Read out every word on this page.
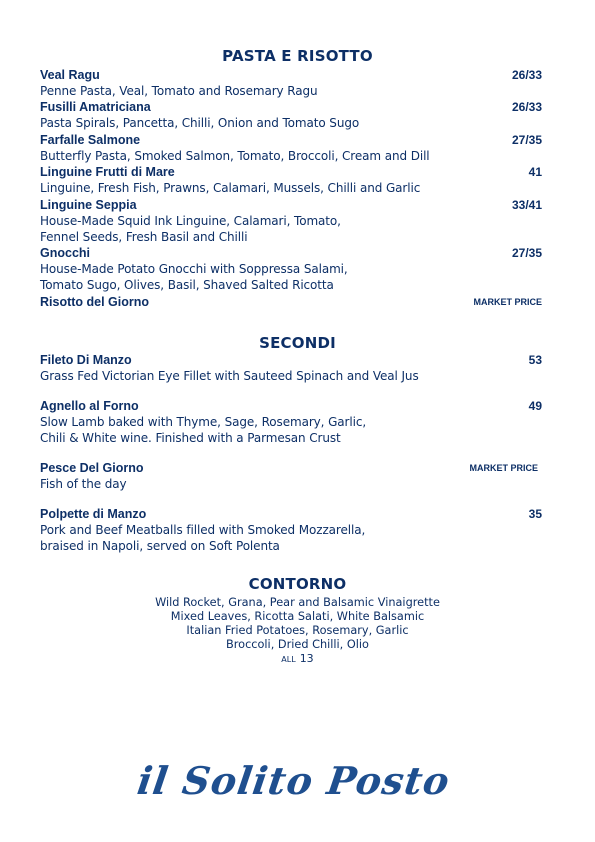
PASTA E RISOTTO
Veal Ragu	26/33
Penne Pasta, Veal, Tomato and Rosemary Ragu
Fusilli Amatriciana	26/33
Pasta Spirals, Pancetta, Chilli, Onion and Tomato Sugo
Farfalle Salmone	27/35
Butterfly Pasta, Smoked Salmon, Tomato, Broccoli, Cream and Dill
Linguine Frutti di Mare	41
Linguine, Fresh Fish, Prawns, Calamari, Mussels, Chilli and Garlic
Linguine Seppia	33/41
House-Made Squid Ink Linguine, Calamari, Tomato,
Fennel Seeds, Fresh Basil and Chilli
Gnocchi	27/35
House-Made Potato Gnocchi with Soppressa Salami,
Tomato Sugo, Olives, Basil, Shaved Salted Ricotta
Risotto del Giorno	MARKET PRICE
SECONDI
Fileto Di Manzo	53
Grass Fed Victorian Eye Fillet with Sauteed Spinach and Veal Jus
Agnello al Forno	49
Slow Lamb baked with Thyme, Sage, Rosemary, Garlic,
Chili & White wine. Finished with a Parmesan Crust
Pesce Del Giorno	MARKET PRICE
Fish of the day
Polpette di Manzo	35
Pork and Beef Meatballs filled with Smoked Mozzarella,
braised in Napoli, served on Soft Polenta
CONTORNO
Wild Rocket, Grana, Pear and Balsamic Vinaigrette
Mixed Leaves, Ricotta Salati, White Balsamic
Italian Fried Potatoes, Rosemary, Garlic
Broccoli, Dried Chilli, Olio
ALL 13
il Solito Posto
